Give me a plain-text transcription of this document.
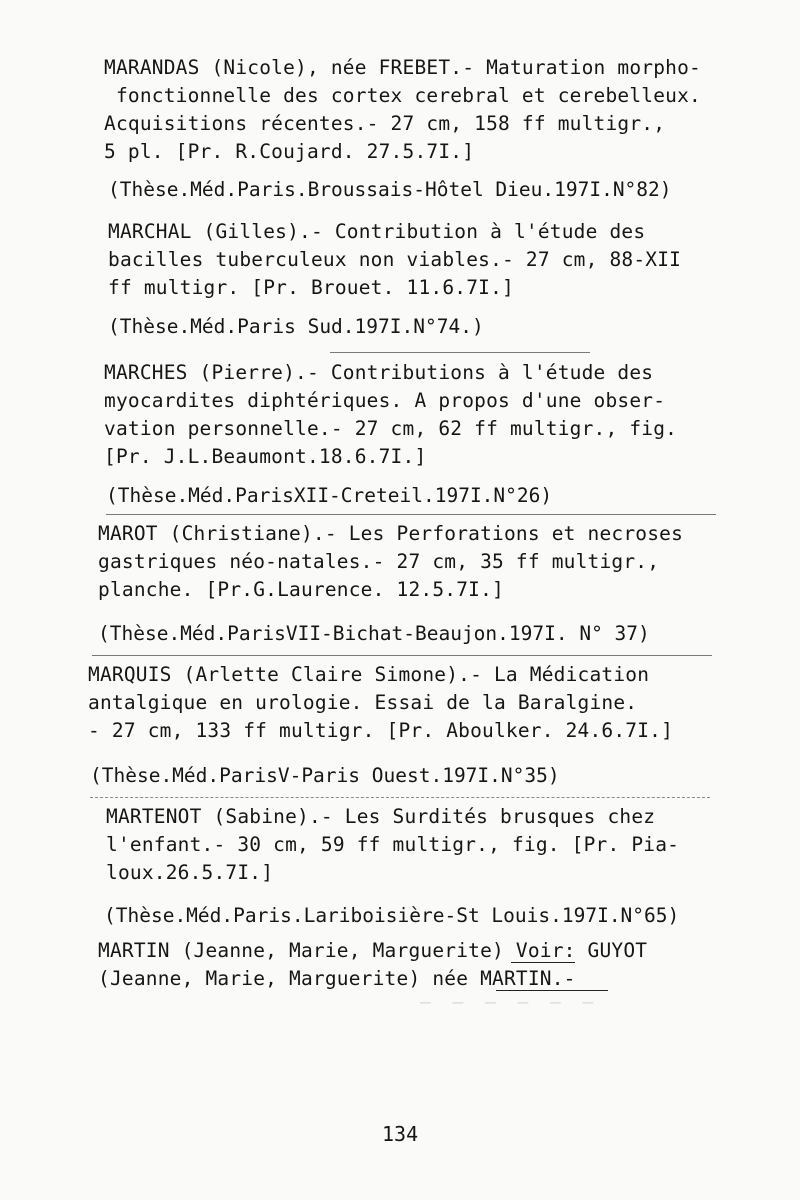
—  —  —  —  —  —
MARANDAS (Nicole), née FREBET.- Maturation morpho-
fonctionnelle des cortex cerebral et cerebelleux.
Acquisitions récentes.- 27 cm, 158 ff multigr.,
5 pl. [Pr. R.Coujard. 27.5.7I.]
(Thèse.Méd.Paris.Broussais-Hôtel Dieu.197I.N°82)
MARCHAL (Gilles).- Contribution à l'étude des
bacilles tuberculeux non viables.- 27 cm, 88-XII
ff multigr. [Pr. Brouet. 11.6.7I.]
(Thèse.Méd.Paris Sud.197I.N°74.)
MARCHES (Pierre).- Contributions à l'étude des
myocardites diphtériques. A propos d'une obser-
vation personnelle.- 27 cm, 62 ff multigr., fig.
[Pr. J.L.Beaumont.18.6.7I.]
(Thèse.Méd.ParisXII-Creteil.197I.N°26)
MAROT (Christiane).- Les Perforations et necroses
gastriques néo-natales.- 27 cm, 35 ff multigr.,
planche. [Pr.G.Laurence. 12.5.7I.]
(Thèse.Méd.ParisVII-Bichat-Beaujon.197I. N° 37)
MARQUIS (Arlette Claire Simone).- La Médication
antalgique en urologie. Essai de la Baralgine.
- 27 cm, 133 ff multigr. [Pr. Aboulker. 24.6.7I.]
(Thèse.Méd.ParisV-Paris Ouest.197I.N°35)
MARTENOT (Sabine).- Les Surdités brusques chez
l'enfant.- 30 cm, 59 ff multigr., fig. [Pr. Pia-
loux.26.5.7I.]
(Thèse.Méd.Paris.Lariboisière-St Louis.197I.N°65)
MARTIN (Jeanne, Marie, Marguerite) Voir: GUYOT
(Jeanne, Marie, Marguerite) née MARTIN.-
134
